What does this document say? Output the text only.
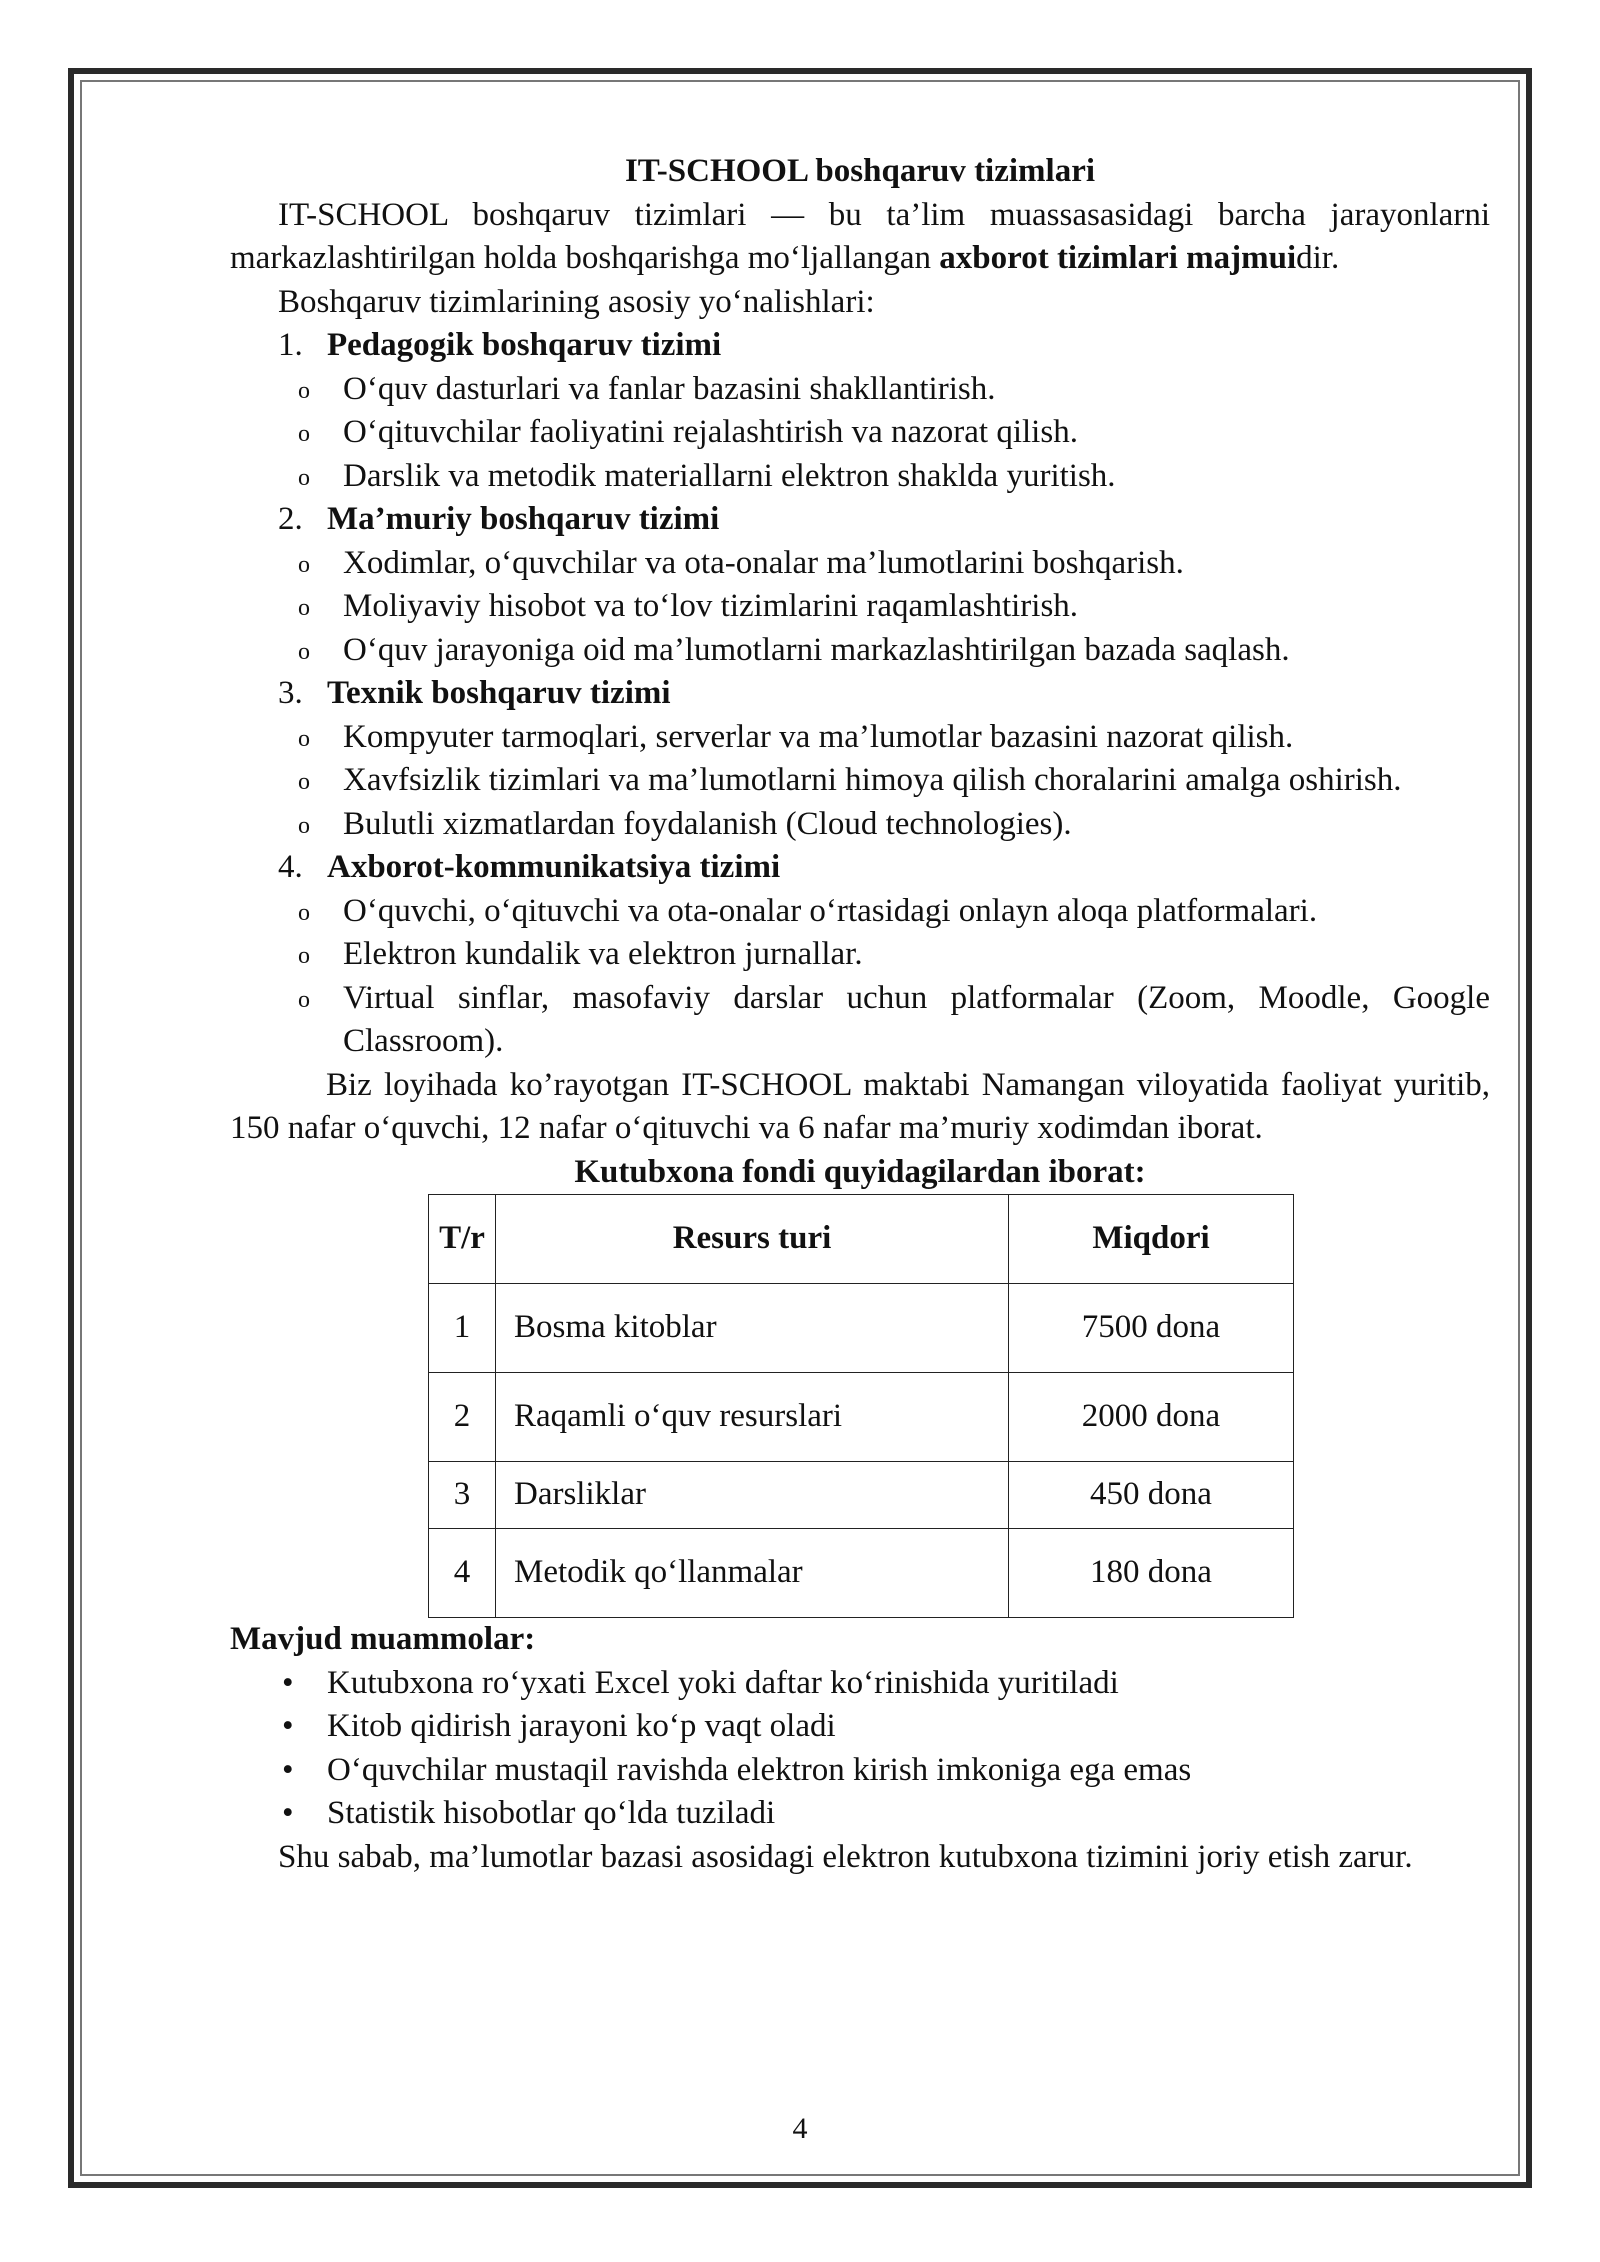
IT-SCHOOL boshqaruv tizimlari

IT-SCHOOL boshqaruv tizimlari — bu ta’lim muassasasidagi barcha jarayonlarni markazlashtirilgan holda boshqarishga mo‘ljallangan axborot tizimlari majmuidir.

Boshqaruv tizimlarining asosiy yo‘nalishlari:

1. Pedagogik boshqaruv tizimi

o O‘quv dasturlari va fanlar bazasini shakllantirish.

o O‘qituvchilar faoliyatini rejalashtirish va nazorat qilish.

o Darslik va metodik materiallarni elektron shaklda yuritish.

2. Ma’muriy boshqaruv tizimi

o Xodimlar, o‘quvchilar va ota-onalar ma’lumotlarini boshqarish.

o Moliyaviy hisobot va to‘lov tizimlarini raqamlashtirish.

o O‘quv jarayoniga oid ma’lumotlarni markazlashtirilgan bazada saqlash.

3. Texnik boshqaruv tizimi

o Kompyuter tarmoqlari, serverlar va ma’lumotlar bazasini nazorat qilish.

o Xavfsizlik tizimlari va ma’lumotlarni himoya qilish choralarini amalga oshirish.

o Bulutli xizmatlardan foydalanish (Cloud technologies).

4. Axborot-kommunikatsiya tizimi

o O‘quvchi, o‘qituvchi va ota-onalar o‘rtasidagi onlayn aloqa platformalari.

o Elektron kundalik va elektron jurnallar.

o Virtual sinflar, masofaviy darslar uchun platformalar (Zoom, Moodle, Google Classroom).

Biz loyihada ko’rayotgan IT-SCHOOL maktabi Namangan viloyatida faoliyat yuritib, 150 nafar o‘quvchi, 12 nafar o‘qituvchi va 6 nafar ma’muriy xodimdan iborat.

Kutubxona fondi quyidagilardan iborat:

T/r	Resurs turi	Miqdori
1	Bosma kitoblar	7500 dona
2	Raqamli o‘quv resurslari	2000 dona
3	Darsliklar	450 dona
4	Metodik qo‘llanmalar	180 dona

Mavjud muammolar:

• Kutubxona ro‘yxati Excel yoki daftar ko‘rinishida yuritiladi

• Kitob qidirish jarayoni ko‘p vaqt oladi

• O‘quvchilar mustaqil ravishda elektron kirish imkoniga ega emas

• Statistik hisobotlar qo‘lda tuziladi

Shu sabab, ma’lumotlar bazasi asosidagi elektron kutubxona tizimini joriy etish zarur.

4
